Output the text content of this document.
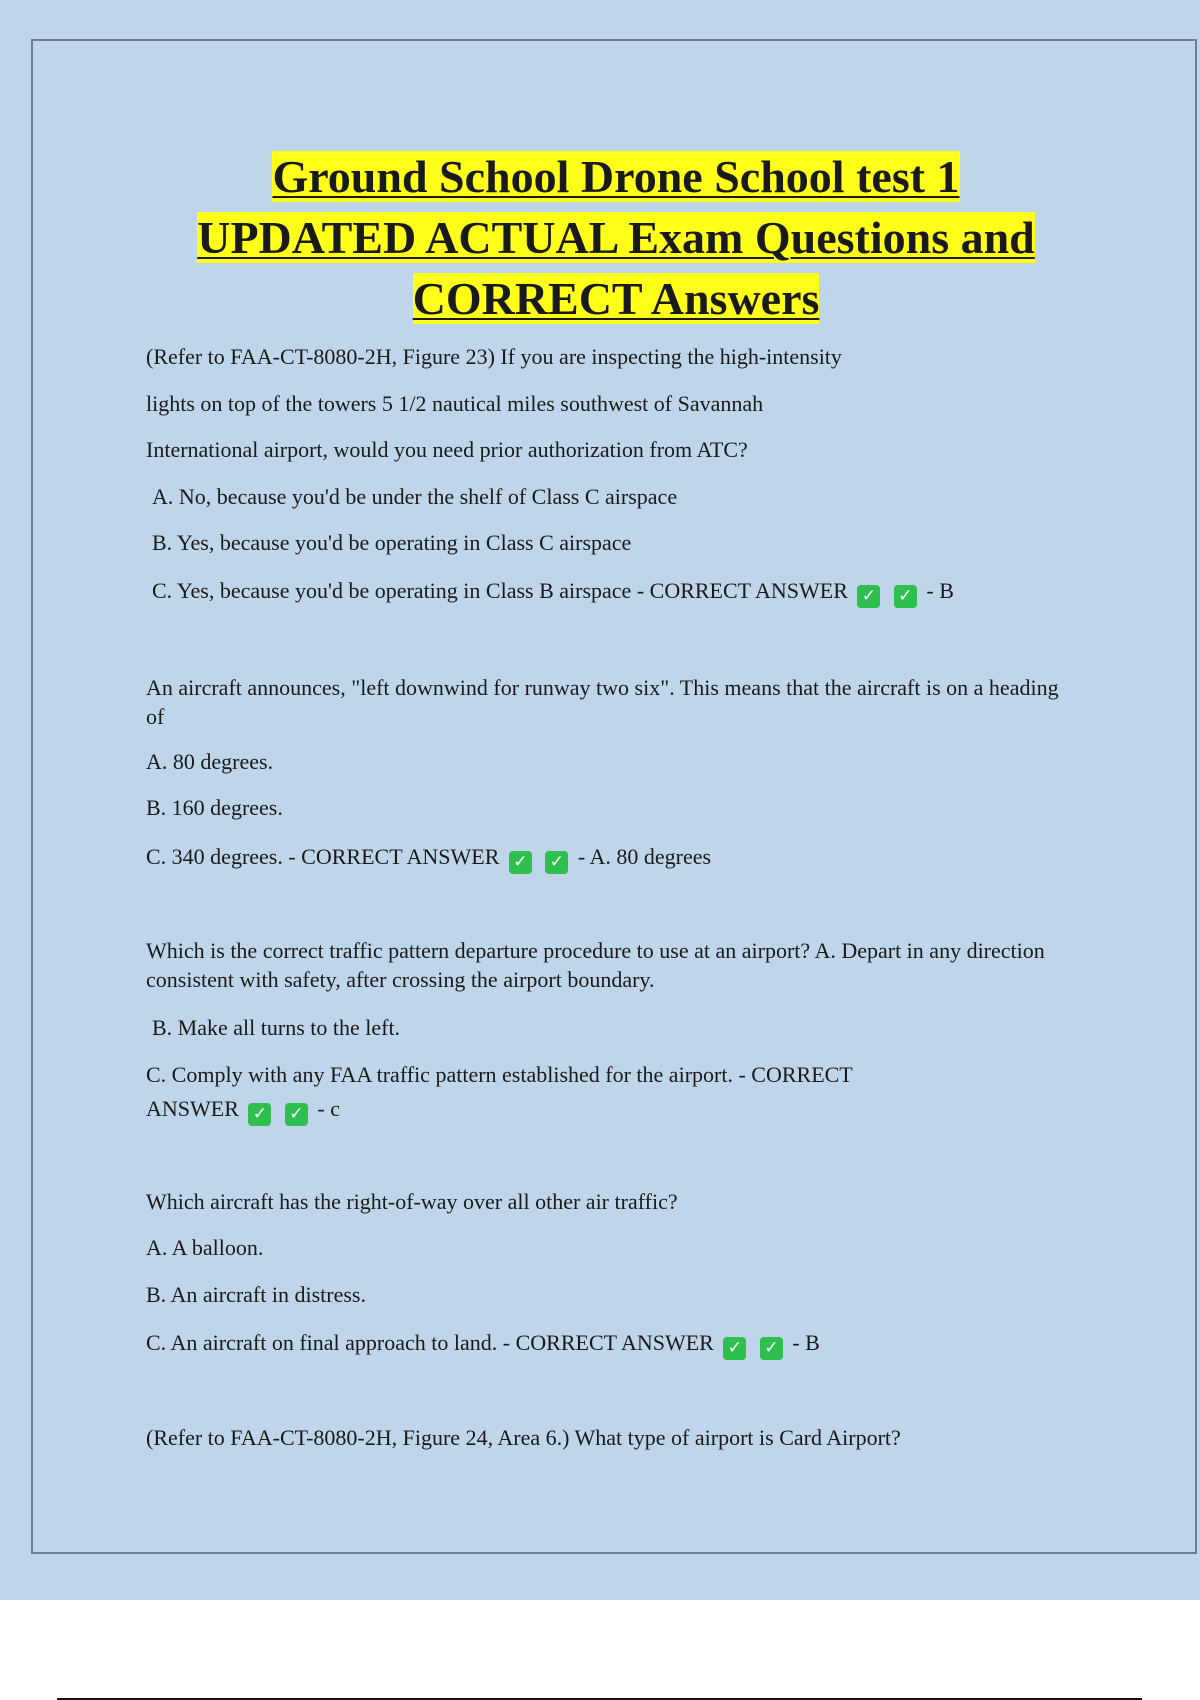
Ground School Drone School test 1
UPDATED ACTUAL Exam Questions and
CORRECT Answers
(Refer to FAA-CT-8080-2H, Figure 23) If you are inspecting the high-intensity
lights on top of the towers 5 1/2 nautical miles southwest of Savannah
International airport, would you need prior authorization from ATC?
A. No, because you'd be under the shelf of Class C airspace
B. Yes, because you'd be operating in Class C airspace
C. Yes, because you'd be operating in Class B airspace - CORRECT ANSWER ✓ ✓ - B
An aircraft announces, "left downwind for runway two six". This means that the aircraft is on a heading of
A. 80 degrees.
B. 160 degrees.
C. 340 degrees. - CORRECT ANSWER ✓ ✓ - A. 80 degrees
Which is the correct traffic pattern departure procedure to use at an airport? A. Depart in any direction consistent with safety, after crossing the airport boundary.
B. Make all turns to the left.
C. Comply with any FAA traffic pattern established for the airport. - CORRECT
ANSWER ✓ ✓ - c
Which aircraft has the right-of-way over all other air traffic?
A. A balloon.
B. An aircraft in distress.
C. An aircraft on final approach to land. - CORRECT ANSWER ✓ ✓ - B
(Refer to FAA-CT-8080-2H, Figure 24, Area 6.) What type of airport is Card Airport?
